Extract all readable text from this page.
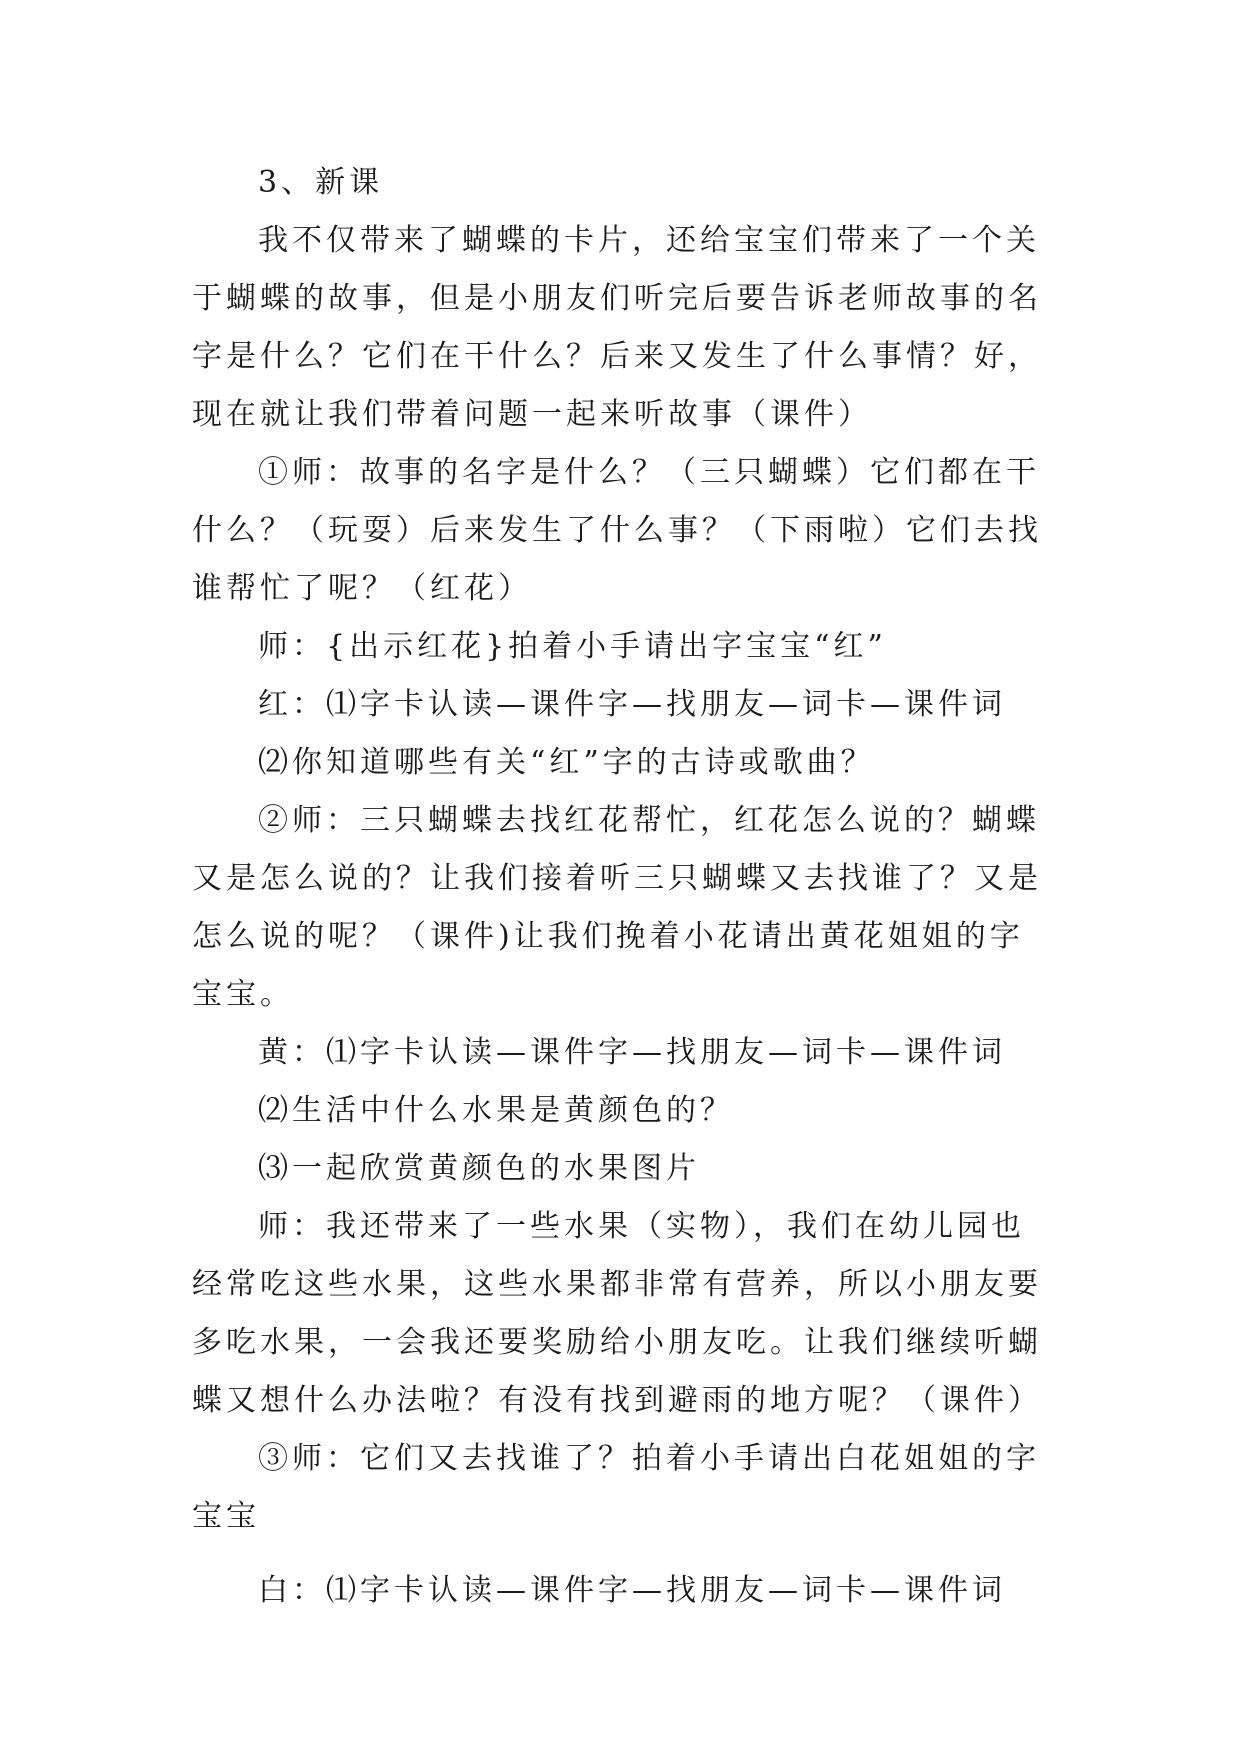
3、新课

我不仅带来了蝴蝶的卡片，还给宝宝们带来了一个关于蝴蝶的故事，但是小朋友们听完后要告诉老师故事的名字是什么？它们在干什么？后来又发生了什么事情？好，现在就让我们带着问题一起来听故事（课件）

①师：故事的名字是什么？（三只蝴蝶）它们都在干什么？（玩耍）后来发生了什么事？（下雨啦）它们去找谁帮忙了呢？（红花）

师：{出示红花}拍着小手请出字宝宝“红”

红：⑴字卡认读—课件字—找朋友—词卡—课件词

⑵你知道哪些有关“红”字的古诗或歌曲？

②师：三只蝴蝶去找红花帮忙，红花怎么说的？蝴蝶又是怎么说的？让我们接着听三只蝴蝶又去找谁了？又是怎么说的呢？（课件)让我们挽着小花请出黄花姐姐的字宝宝。

黄：⑴字卡认读—课件字—找朋友—词卡—课件词

⑵生活中什么水果是黄颜色的？

⑶一起欣赏黄颜色的水果图片

师：我还带来了一些水果（实物），我们在幼儿园也经常吃这些水果，这些水果都非常有营养，所以小朋友要多吃水果，一会我还要奖励给小朋友吃。让我们继续听蝴蝶又想什么办法啦？有没有找到避雨的地方呢？（课件）

③师：它们又去找谁了？拍着小手请出白花姐姐的字宝宝

白：⑴字卡认读—课件字—找朋友—词卡—课件词
